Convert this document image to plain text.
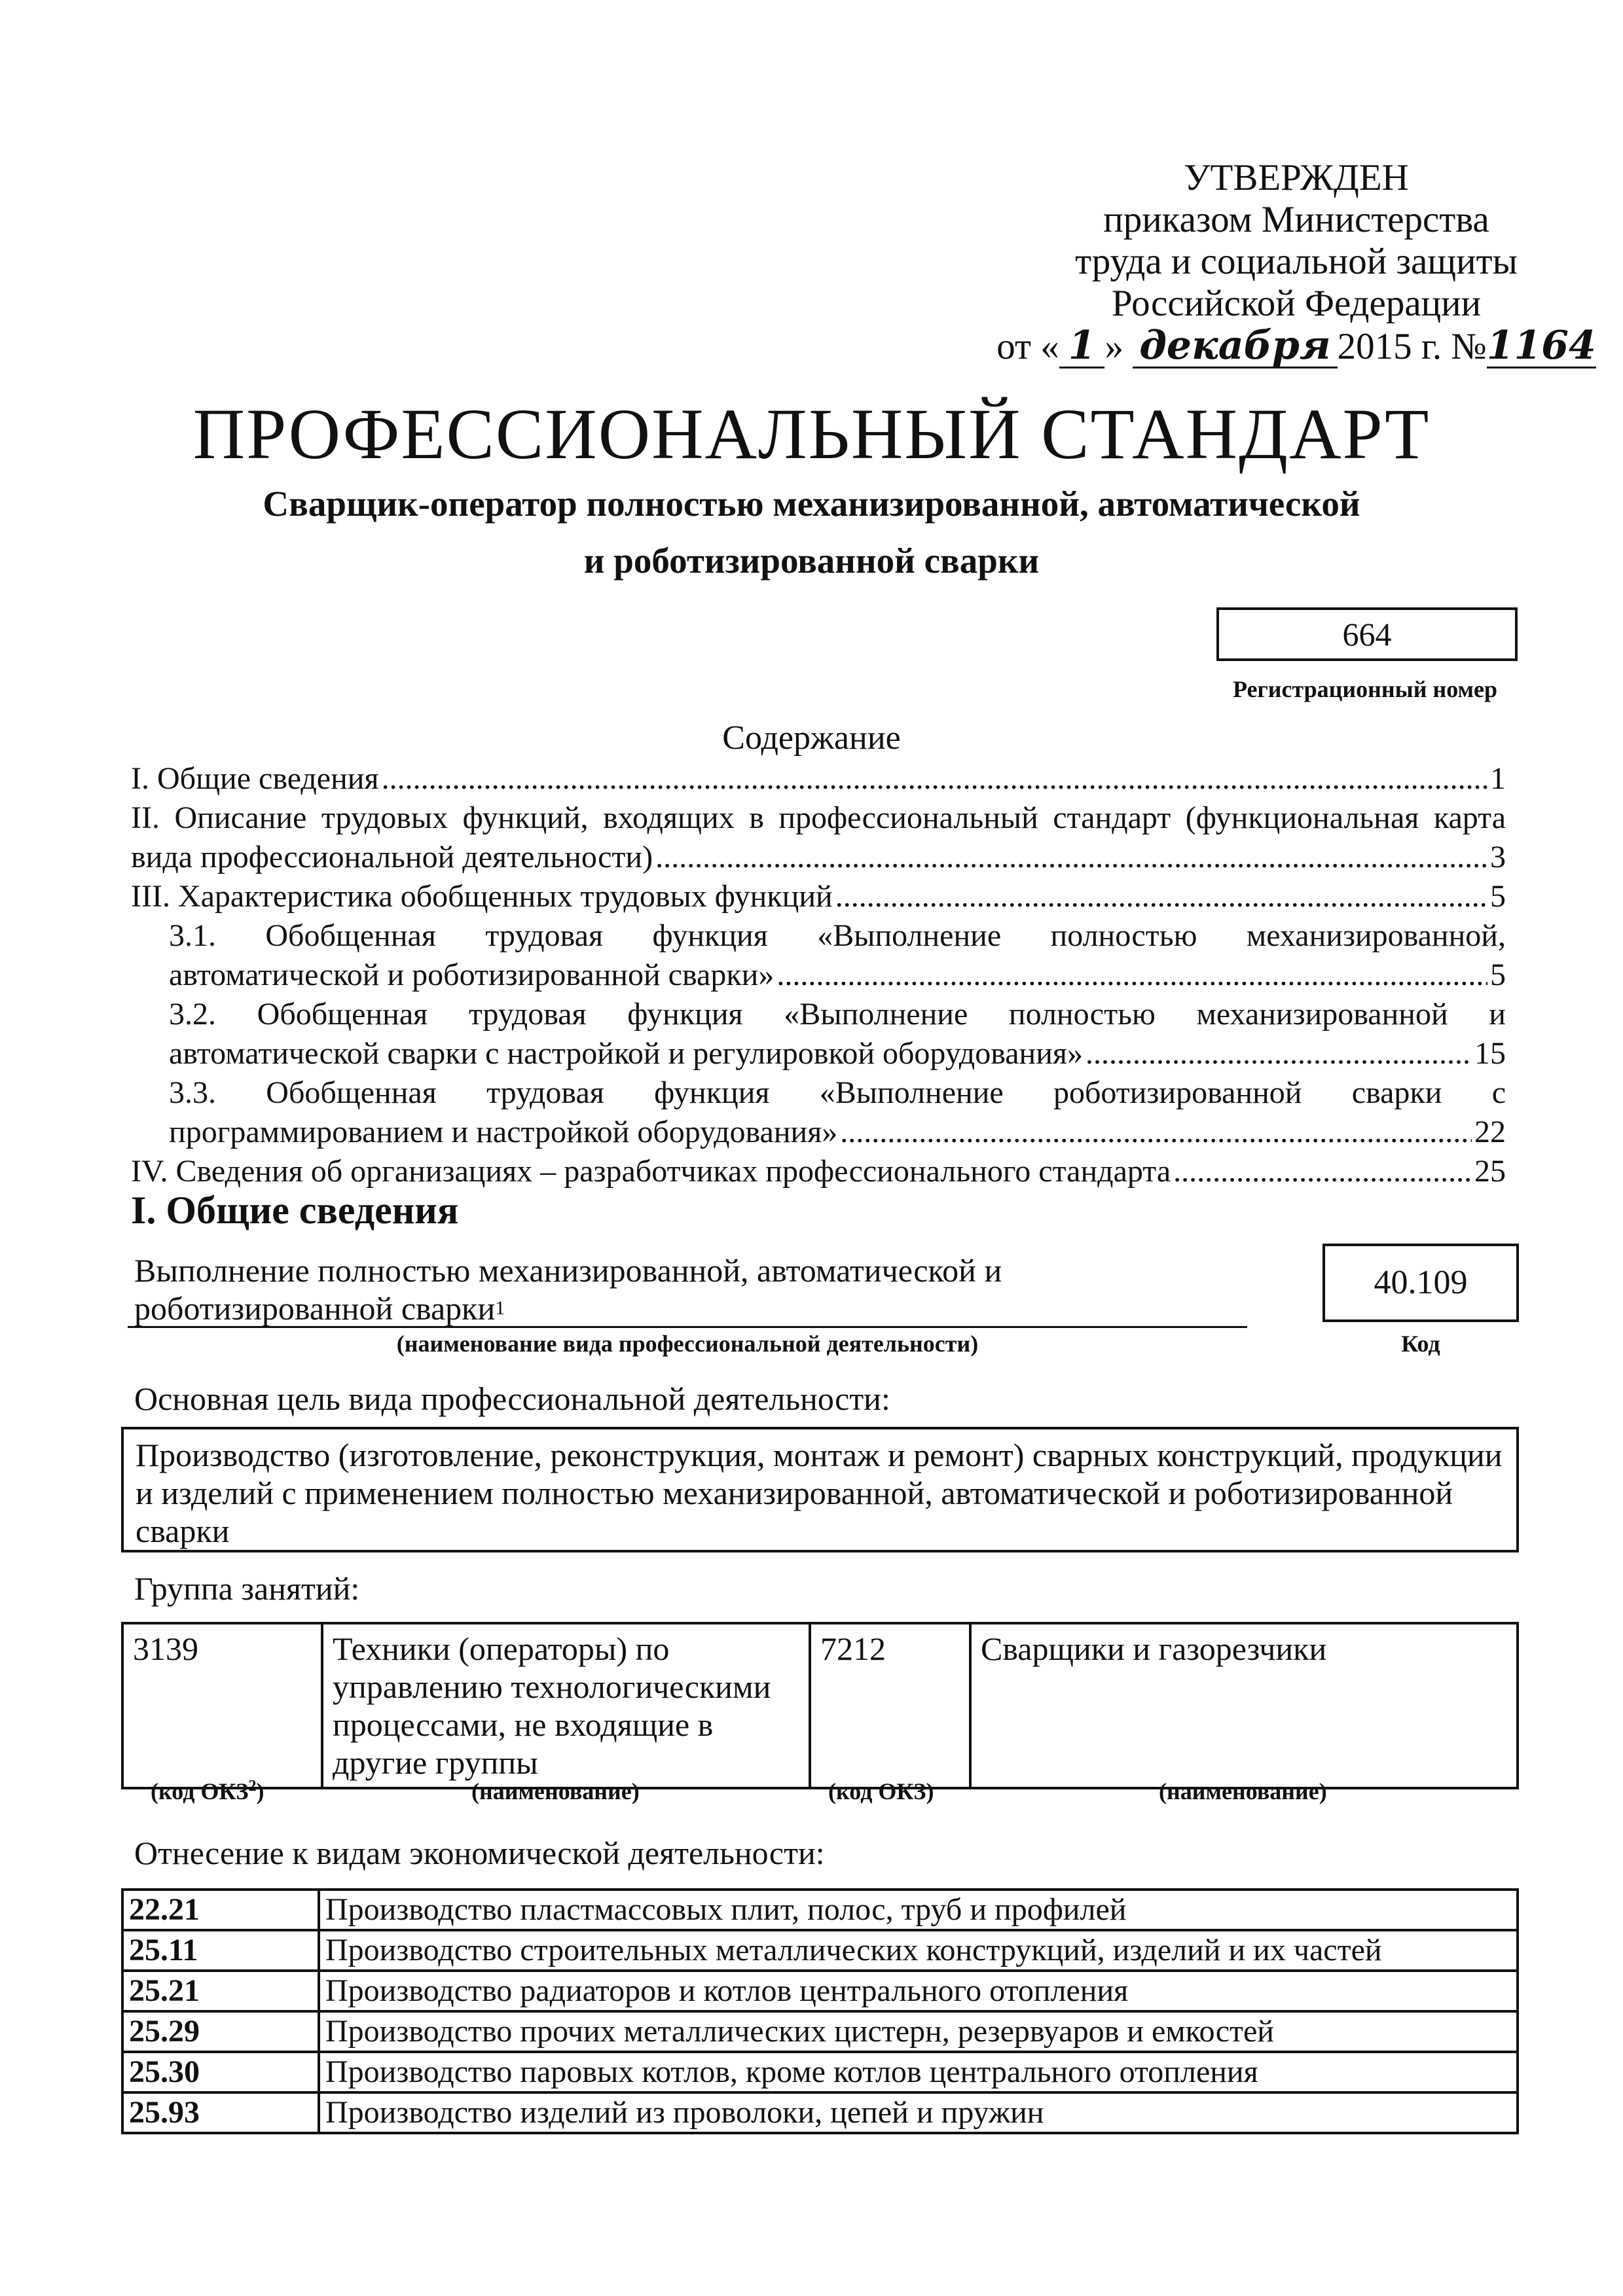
УТВЕРЖДЕН
приказом Министерства
труда и социальной защиты
Российской Федерации
от « 1 » декабря 2015 г. №1164
ПРОФЕССИОНАЛЬНЫЙ СТАНДАРТ
Сварщик-оператор полностью механизированной, автоматической
и роботизированной сварки
664
Регистрационный номер
Содержание
I. Общие сведения .....	1
II. Описание трудовых функций, входящих в профессиональный стандарт (функциональная карта
вида профессиональной деятельности) .....	3
III. Характеристика обобщенных трудовых функций .....	5
3.1. Обобщенная трудовая функция «Выполнение полностью механизированной,
автоматической и роботизированной сварки» .....	5
3.2. Обобщенная трудовая функция «Выполнение полностью механизированной и
автоматической сварки с настройкой и регулировкой оборудования» .....	15
3.3. Обобщенная трудовая функция «Выполнение роботизированной сварки с
программированием и настройкой оборудования» .....	22
IV. Сведения об организациях – разработчиках профессионального стандарта .....	25
I. Общие сведения
Выполнение полностью механизированной, автоматической и
роботизированной сварки 1
(наименование вида профессиональной деятельности)
40.109
Код
Основная цель вида профессиональной деятельности:
Производство (изготовление, реконструкция, монтаж и ремонт) сварных конструкций, продукции и изделий с применением полностью механизированной, автоматической и роботизированной сварки
Группа занятий:
3139	Техники (операторы) по управлению технологическими процессами, не входящие в другие группы	7212	Сварщики и газорезчики
(код ОКЗ$^2$)	(наименование)	(код ОКЗ)	(наименование)
Отнесение к видам экономической деятельности:
22.21	Производство пластмассовых плит, полос, труб и профилей
25.11	Производство строительных металлических конструкций, изделий и их частей
25.21	Производство радиаторов и котлов центрального отопления
25.29	Производство прочих металлических цистерн, резервуаров и емкостей
25.30	Производство паровых котлов, кроме котлов центрального отопления
25.93	Производство изделий из проволоки, цепей и пружин
